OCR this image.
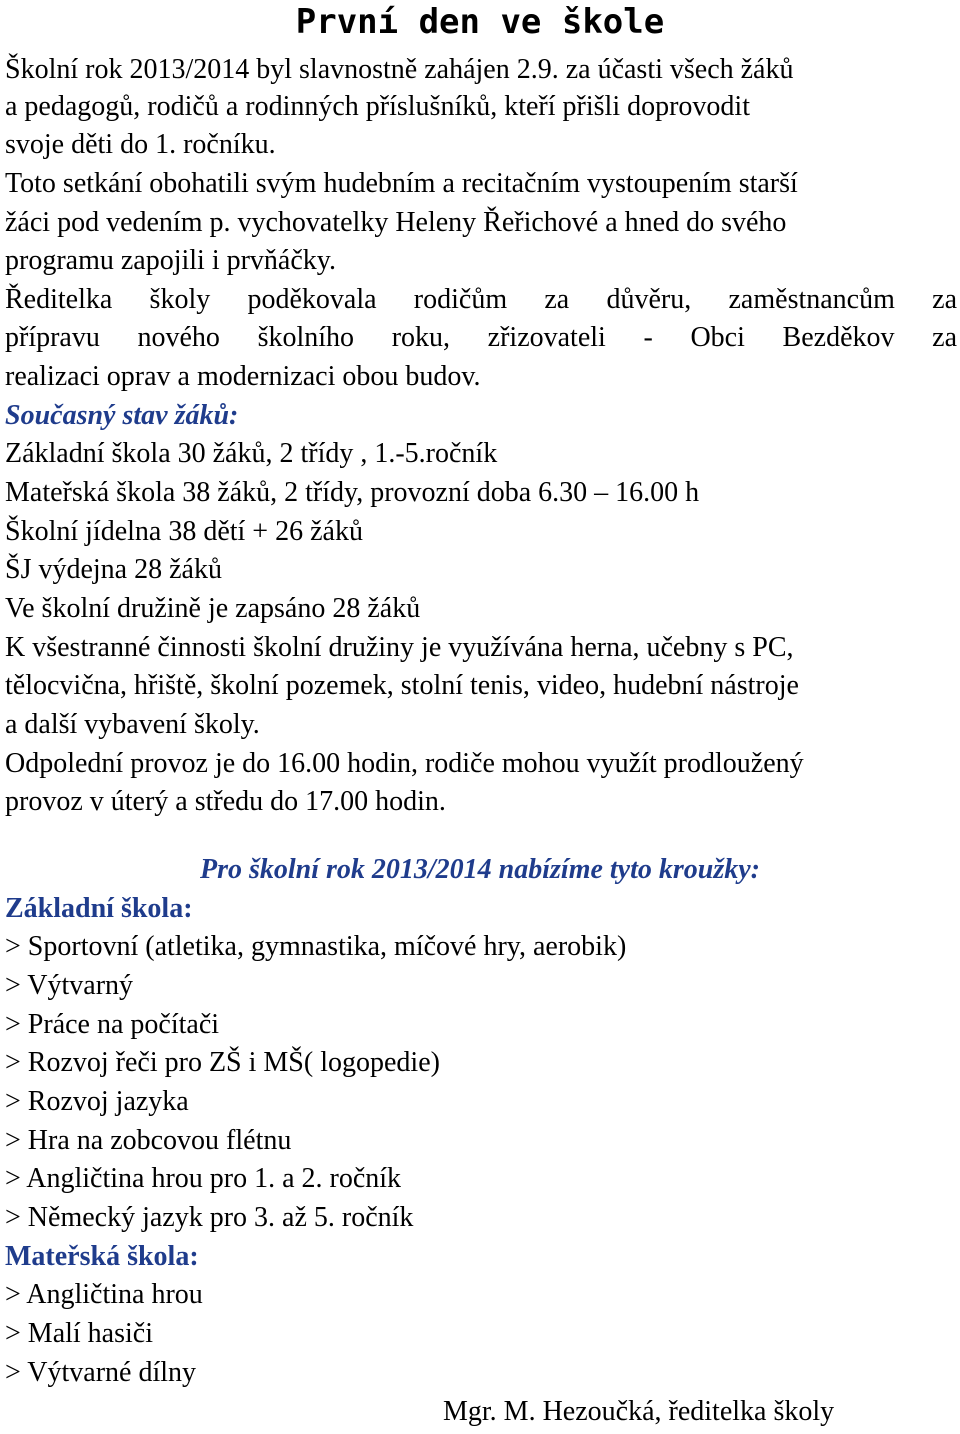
První den ve škole
Školní rok 2013/2014 byl slavnostně zahájen 2.9. za účasti všech žáků
a pedagogů, rodičů a rodinných příslušníků, kteří přišli doprovodit
svoje děti do 1. ročníku.
Toto setkání obohatili svým hudebním a recitačním vystoupením starší
žáci pod vedením p. vychovatelky Heleny Řeřichové a hned do svého
programu zapojili i prvňáčky.
Ředitelka školy poděkovala rodičům za důvěru, zaměstnancům za
přípravu nového školního roku, zřizovateli - Obci Bezděkov za
realizaci oprav a modernizaci obou budov.
Současný stav žáků:
Základní škola 30 žáků, 2 třídy , 1.-5.ročník
Mateřská škola 38 žáků, 2 třídy, provozní doba 6.30 – 16.00 h
Školní jídelna 38 dětí + 26 žáků
ŠJ výdejna 28 žáků
Ve školní družině je zapsáno 28 žáků
K všestranné činnosti školní družiny je využívána herna, učebny s PC,
tělocvična, hřiště, školní pozemek, stolní tenis, video, hudební nástroje
a další vybavení školy.
Odpolední provoz je do 16.00 hodin, rodiče mohou využít prodloužený
provoz v úterý a středu do 17.00 hodin.
Pro školní rok 2013/2014 nabízíme tyto kroužky:
Základní škola:
> Sportovní (atletika, gymnastika, míčové hry, aerobik)
> Výtvarný
> Práce na počítači
> Rozvoj řeči pro ZŠ i MŠ( logopedie)
> Rozvoj jazyka
> Hra na zobcovou flétnu
> Angličtina hrou pro 1. a 2. ročník
> Německý jazyk pro 3. až 5. ročník
Mateřská škola:
> Angličtina hrou
> Malí hasiči
> Výtvarné dílny
Mgr. M. Hezoučká, ředitelka školy
